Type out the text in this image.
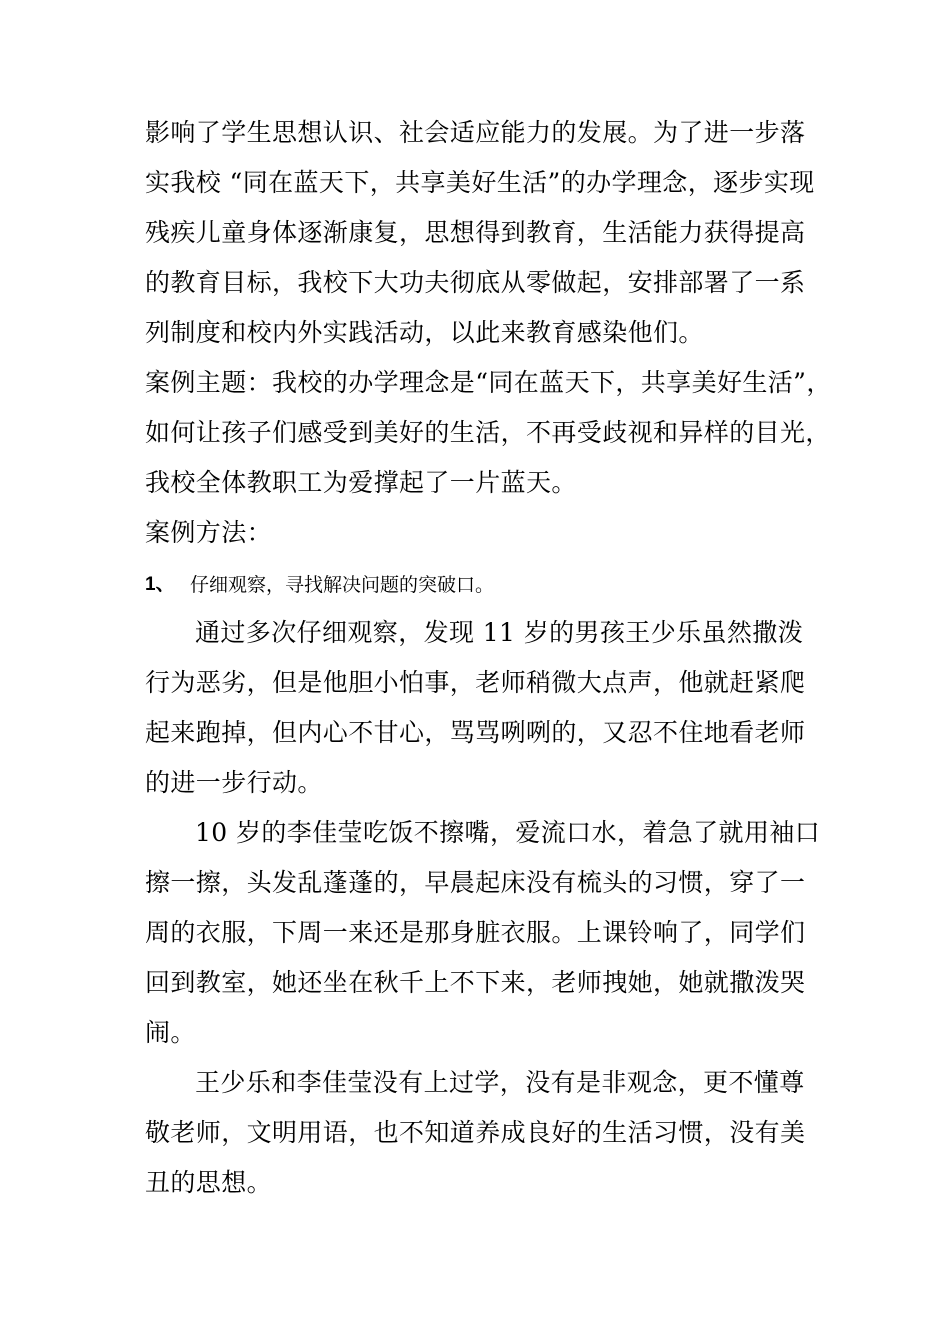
影响了学生思想认识、社会适应能力的发展。为了进一步落
实我校 “同在蓝天下，共享美好生活”的办学理念，逐步实现
残疾儿童身体逐渐康复，思想得到教育，生活能力获得提高
的教育目标，我校下大功夫彻底从零做起，安排部署了一系
列制度和校内外实践活动，以此来教育感染他们。
案例主题：我校的办学理念是“同在蓝天下，共享美好生活”，
如何让孩子们感受到美好的生活，不再受歧视和异样的目光，
我校全体教职工为爱撑起了一片蓝天。
案例方法：
1、 仔细观察，寻找解决问题的突破口。
通过多次仔细观察，发现 11 岁的男孩王少乐虽然撒泼
行为恶劣，但是他胆小怕事，老师稍微大点声，他就赶紧爬
起来跑掉，但内心不甘心，骂骂咧咧的，又忍不住地看老师
的进一步行动。
10 岁的李佳莹吃饭不擦嘴，爱流口水，着急了就用袖口
擦一擦，头发乱蓬蓬的，早晨起床没有梳头的习惯，穿了一
周的衣服，下周一来还是那身脏衣服。上课铃响了，同学们
回到教室，她还坐在秋千上不下来，老师拽她，她就撒泼哭
闹。
王少乐和李佳莹没有上过学，没有是非观念，更不懂尊
敬老师，文明用语，也不知道养成良好的生活习惯，没有美
丑的思想。
